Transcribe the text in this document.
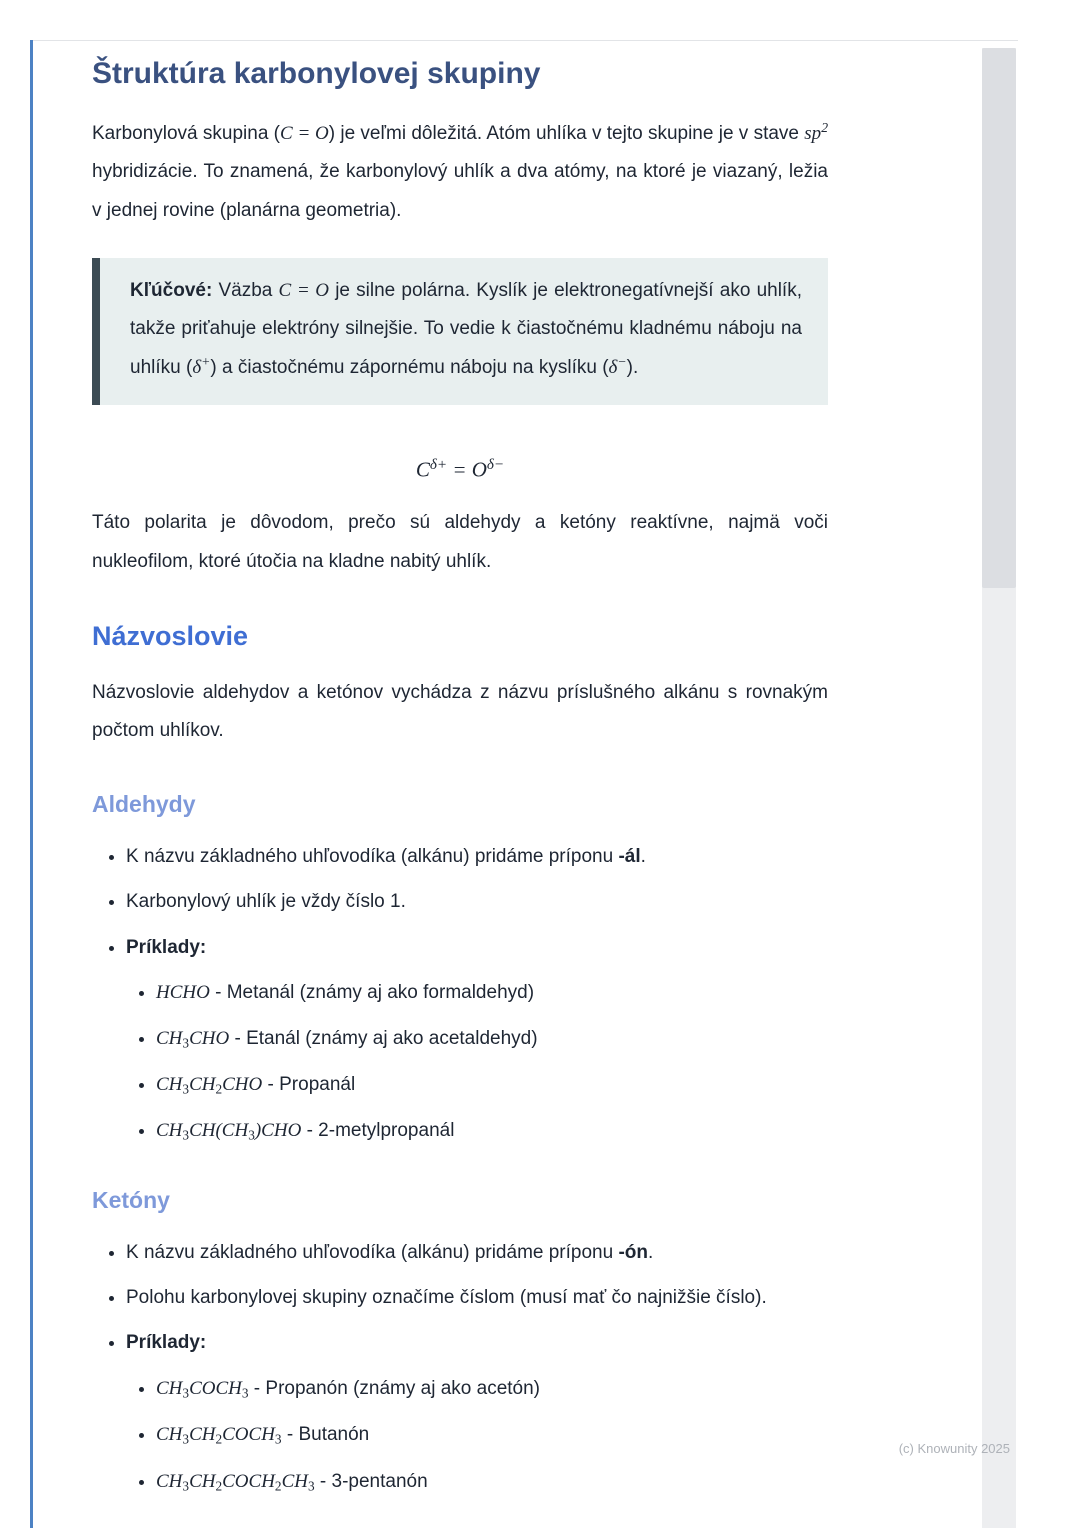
Štruktúra karbonylovej skupiny

Karbonylová skupina (C = O) je veľmi dôležitá. Atóm uhlíka v tejto skupine je v stave $sp^2$ hybridizácie. To znamená, že karbonylový uhlík a dva atómy, na ktoré je viazaný, ležia v jednej rovine (planárna geometria).

Kľúčové: Väzba C = O je silne polárna. Kyslík je elektronegatívnejší ako uhlík, takže priťahuje elektróny silnejšie. To vedie k čiastočnému kladnému náboju na uhlíku (δ+) a čiastočnému zápornému náboju na kyslíku (δ−).

$C^{\delta+} = O^{\delta-}$

Táto polarita je dôvodom, prečo sú aldehydy a ketóny reaktívne, najmä voči nukleofilom, ktoré útočia na kladne nabitý uhlík.

Názvoslovie

Názvoslovie aldehydov a ketónov vychádza z názvu príslušného alkánu s rovnakým počtom uhlíkov.

Aldehydy
• K názvu základného uhľovodíka (alkánu) pridáme príponu -ál.
• Karbonylový uhlík je vždy číslo 1.
• Príklady:
• HCHO - Metanál (známy aj ako formaldehyd)
• CH3CHO - Etanál (známy aj ako acetaldehyd)
• CH3CH2CHO - Propanál
• CH3CH(CH3)CHO - 2-metylpropanál
Ketóny
• K názvu základného uhľovodíka (alkánu) pridáme príponu -ón.
• Polohu karbonylovej skupiny označíme číslom (musí mať čo najnižšie číslo).
• Príklady:
• CH3COCH3 - Propanón (známy aj ako acetón)
• CH3CH2COCH3 - Butanón
• CH3CH2COCH2CH3 - 3-pentanón
(c) Knowunity 2025
